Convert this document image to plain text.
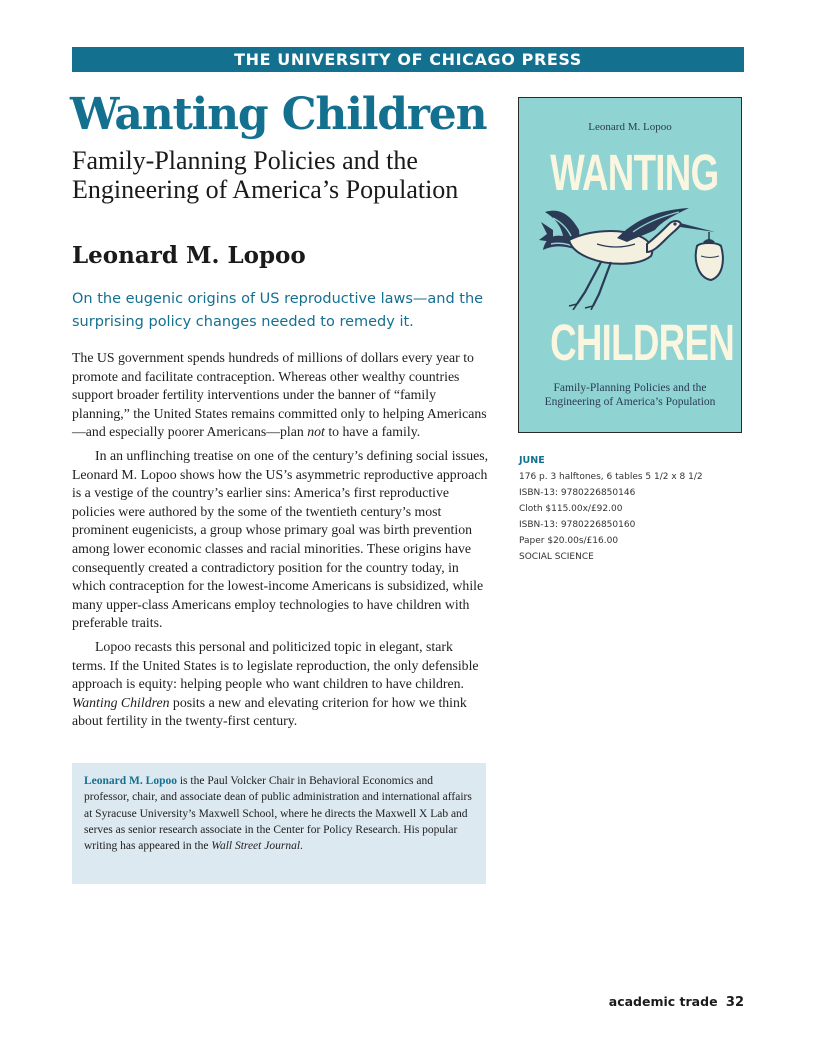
THE UNIVERSITY OF CHICAGO PRESS
Wanting Children

Family-Planning Policies and the Engineering of America’s Population

Leonard M. Lopoo

On the eugenic origins of US reproductive laws—and the surprising policy changes needed to remedy it.

The US government spends hundreds of millions of dollars every year to promote and facilitate contraception. Whereas other wealthy countries support broader fertility interventions under the banner of “family planning,” the United States remains committed only to helping Americans—and especially poorer Americans—plan not to have a family.

In an unflinching treatise on one of the century’s defining social issues, Leonard M. Lopoo shows how the US’s asymmetric reproductive approach is a vestige of the country’s earlier sins: America’s first reproductive policies were authored by the some of the twentieth century’s most prominent eugenicists, a group whose primary goal was birth prevention among lower economic classes and racial minorities. These origins have consequently created a contradictory position for the country today, in which contraception for the lowest-income Americans is subsidized, while many upper-class Americans employ technologies to have children with preferable traits.

Lopoo recasts this personal and politicized topic in elegant, stark terms. If the United States is to legislate reproduction, the only defensible approach is equity: helping people who want children to have children. Wanting Children posits a new and elevating criterion for how we think about fertility in the twenty-first century.

Leonard M. Lopoo is the Paul Volcker Chair in Behavioral Economics and professor, chair, and associate dean of public administration and international affairs at Syracuse University’s Maxwell School, where he directs the Maxwell X Lab and serves as senior research associate in the Center for Policy Research. His popular writing has appeared in the Wall Street Journal.
Leonard M. Lopoo
WANTING
CHILDREN
Family-Planning Policies and the
Engineering of America’s Population
JUNE
176 p. 3 halftones, 6 tables 5 1/2 x 8 1/2
ISBN-13: 9780226850146
Cloth $115.00x/£92.00
ISBN-13: 9780226850160
Paper $20.00s/£16.00
SOCIAL SCIENCE
academic trade 32
